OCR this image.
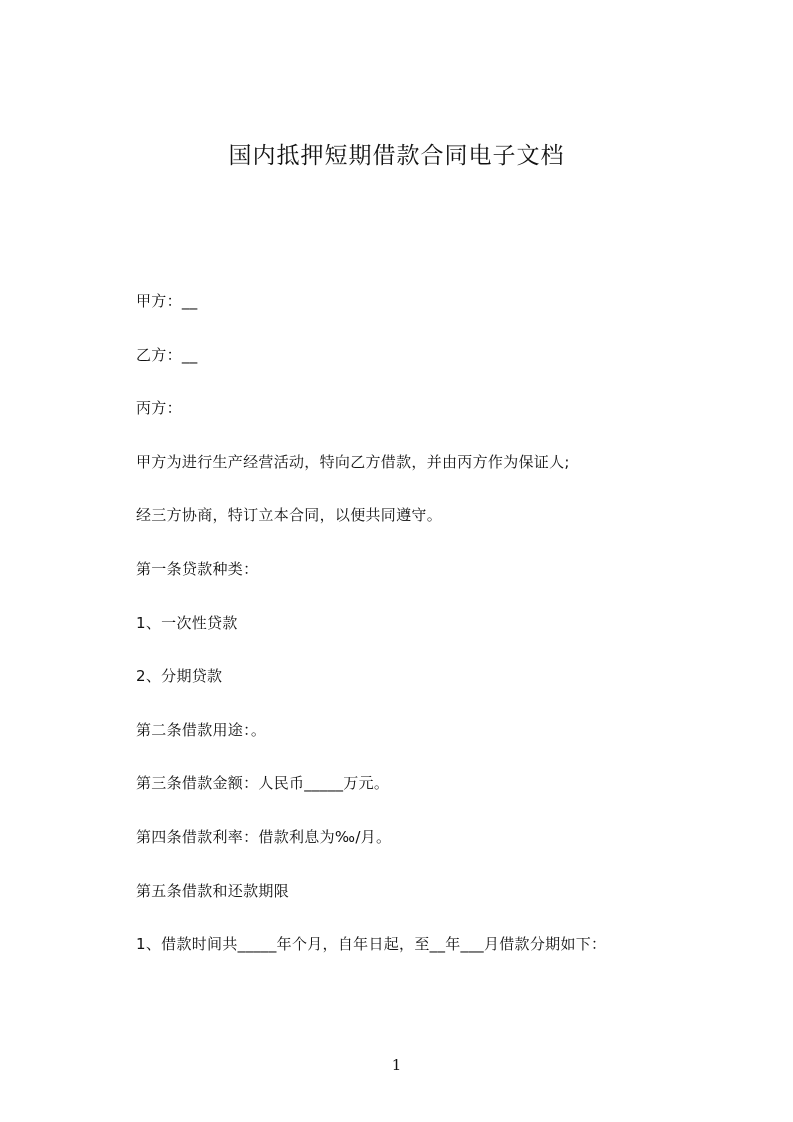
国内抵押短期借款合同电子文档

甲方：__

乙方：__

丙方：

甲方为进行生产经营活动，特向乙方借款，并由丙方作为保证人;

经三方协商，特订立本合同，以便共同遵守。

第一条贷款种类：

1、一次性贷款

2、分期贷款

第二条借款用途：。

第三条借款金额：人民币_____万元。

第四条借款利率：借款利息为‰/月。

第五条借款和还款期限

1、借款时间共_____年个月，自年日起，至__年___月借款分期如下：

1
